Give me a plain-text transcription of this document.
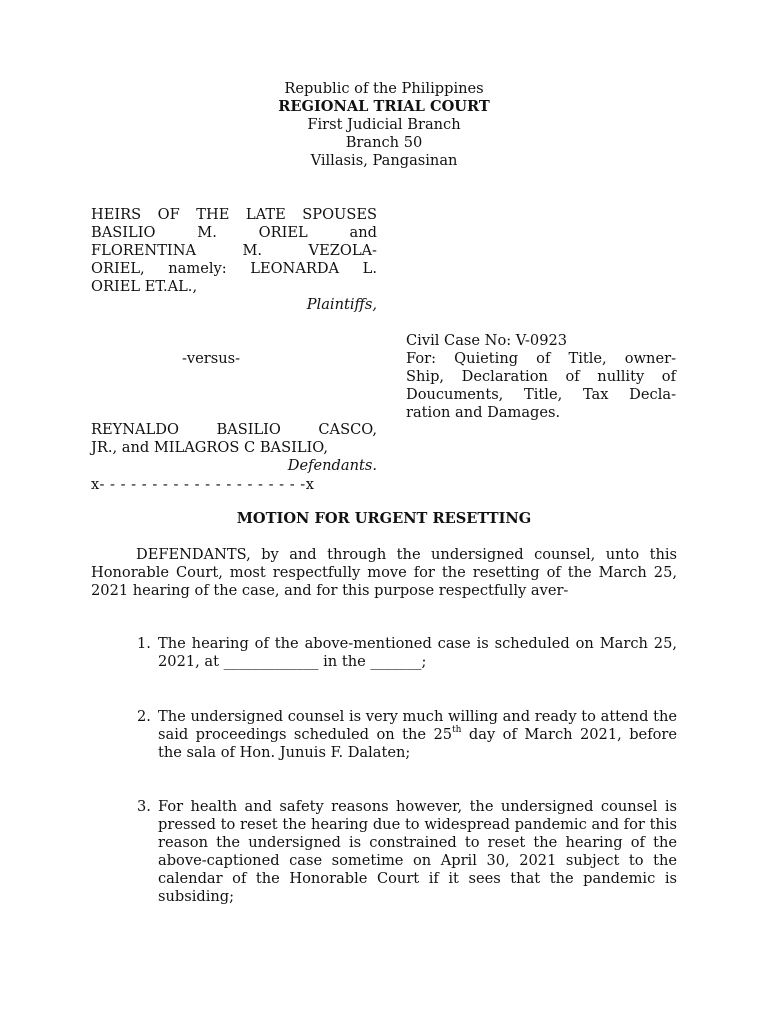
Republic of the Philippines
REGIONAL TRIAL COURT
First Judicial Branch
Branch 50
Villasis, Pangasinan
HEIRS OF THE LATE SPOUSES
BASILIO M. ORIEL and
FLORENTINA M. VEZOLA-
ORIEL, namely: LEONARDA L.
ORIEL ET.AL.,
Plaintiffs,
-versus-
Civil Case No: V-0923
For: Quieting of Title, owner-
Ship, Declaration of nullity of
Doucuments, Title, Tax Decla-
ration and Damages.
REYNALDO BASILIO CASCO,
JR., and MILAGROS C BASILIO,
Defendants.
x- - - - - - - - - - - - - - - - - - - -x
MOTION FOR URGENT RESETTING

DEFENDANTS, by and through the undersigned counsel, unto this Honorable Court, most respectfully move for the resetting of the March 25, 2021 hearing of the case, and for this purpose respectfully aver-

1. The hearing of the above-mentioned case is scheduled on March 25, 2021, at _____________ in the _______;
2. The undersigned counsel is very much willing and ready to attend the said proceedings scheduled on the 25th day of March 2021, before the sala of Hon. Junuis F. Dalaten;
3. For health and safety reasons however, the undersigned counsel is pressed to reset the hearing due to widespread pandemic and for this reason the undersigned is constrained to reset the hearing of the above-captioned case sometime on April 30, 2021 subject to the calendar of the Honorable Court if it sees that the pandemic is subsiding;
